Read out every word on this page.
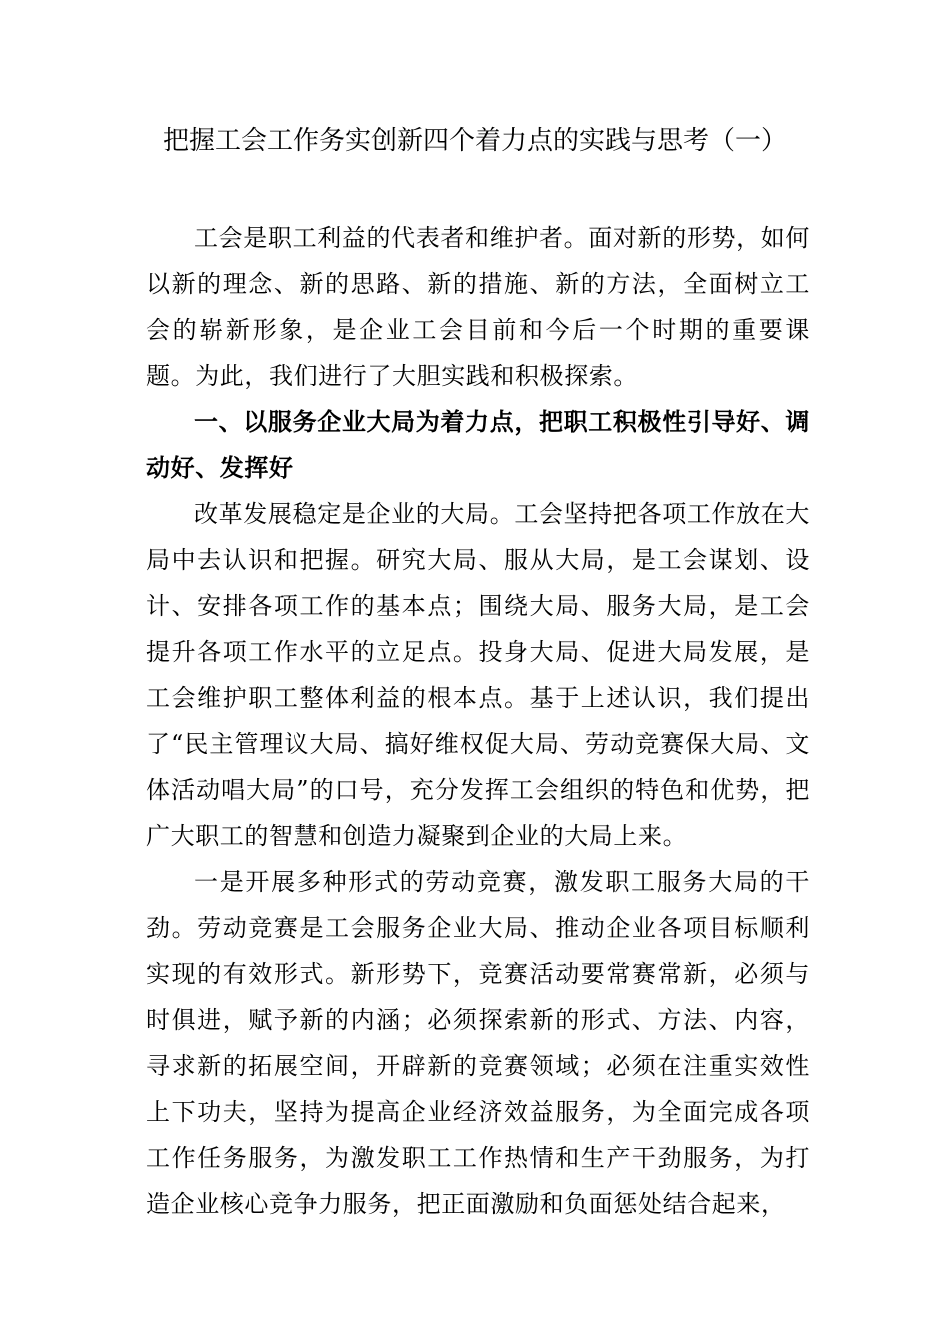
把握工会工作务实创新四个着力点的实践与思考（一）

工会是职工利益的代表者和维护者。面对新的形势，如何以新的理念、新的思路、新的措施、新的方法，全面树立工会的崭新形象，是企业工会目前和今后一个时期的重要课题。为此，我们进行了大胆实践和积极探索。

一、以服务企业大局为着力点，把职工积极性引导好、调动好、发挥好

改革发展稳定是企业的大局。工会坚持把各项工作放在大局中去认识和把握。研究大局、服从大局，是工会谋划、设计、安排各项工作的基本点；围绕大局、服务大局，是工会提升各项工作水平的立足点。投身大局、促进大局发展，是工会维护职工整体利益的根本点。基于上述认识，我们提出了“民主管理议大局、搞好维权促大局、劳动竞赛保大局、文体活动唱大局”的口号，充分发挥工会组织的特色和优势，把广大职工的智慧和创造力凝聚到企业的大局上来。

一是开展多种形式的劳动竞赛，激发职工服务大局的干劲。劳动竞赛是工会服务企业大局、推动企业各项目标顺利实现的有效形式。新形势下，竞赛活动要常赛常新，必须与时俱进，赋予新的内涵；必须探索新的形式、方法、内容，寻求新的拓展空间，开辟新的竞赛领域；必须在注重实效性上下功夫，坚持为提高企业经济效益服务，为全面完成各项工作任务服务，为激发职工工作热情和生产干劲服务，为打造企业核心竞争力服务，把正面激励和负面惩处结合起来，
